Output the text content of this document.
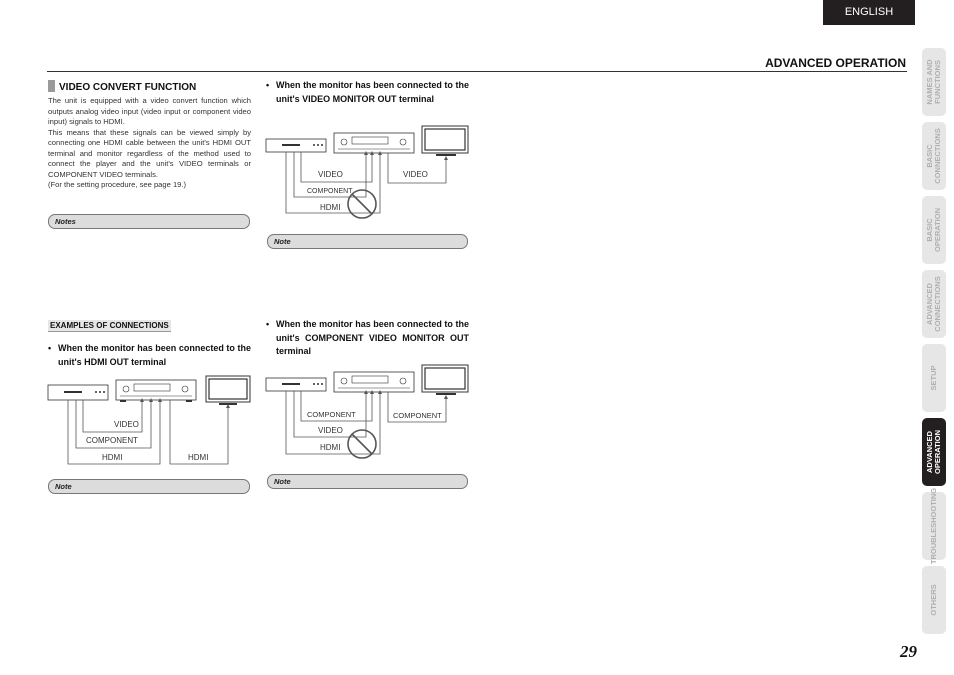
ENGLISH
ADVANCED OPERATION
NAMES AND
FUNCTIONS
BASIC
CONNECTIONS
BASIC
OPERATION
ADVANCED
CONNECTIONS
SETUP
ADVANCED
OPERATION
TROUBLESHOOTING
OTHERS
VIDEO CONVERT FUNCTION

The unit is equipped with a video convert function which outputs analog video input (video input or component video input) signals to HDMI.

This means that these signals can be viewed simply by connecting one HDMI cable between the unit's HDMI OUT terminal and monitor regardless of the method used to connect the player and the unit's VIDEO terminals or COMPONENT VIDEO terminals.

(For the setting procedure, see page 19.)

Notes
EXAMPLES OF CONNECTIONS
• When the monitor has been connected to the unit's HDMI OUT terminal
VIDEO
COMPONENT
HDMI	HDMI
Note
• When the monitor has been connected to the unit's VIDEO MONITOR OUT terminal
VIDEO
COMPONENT
HDMI
VIDEO
Note
• When the monitor has been connected to the unit's COMPONENT VIDEO MONITOR OUT terminal
COMPONENT
VIDEO
HDMI
COMPONENT
Note
29
